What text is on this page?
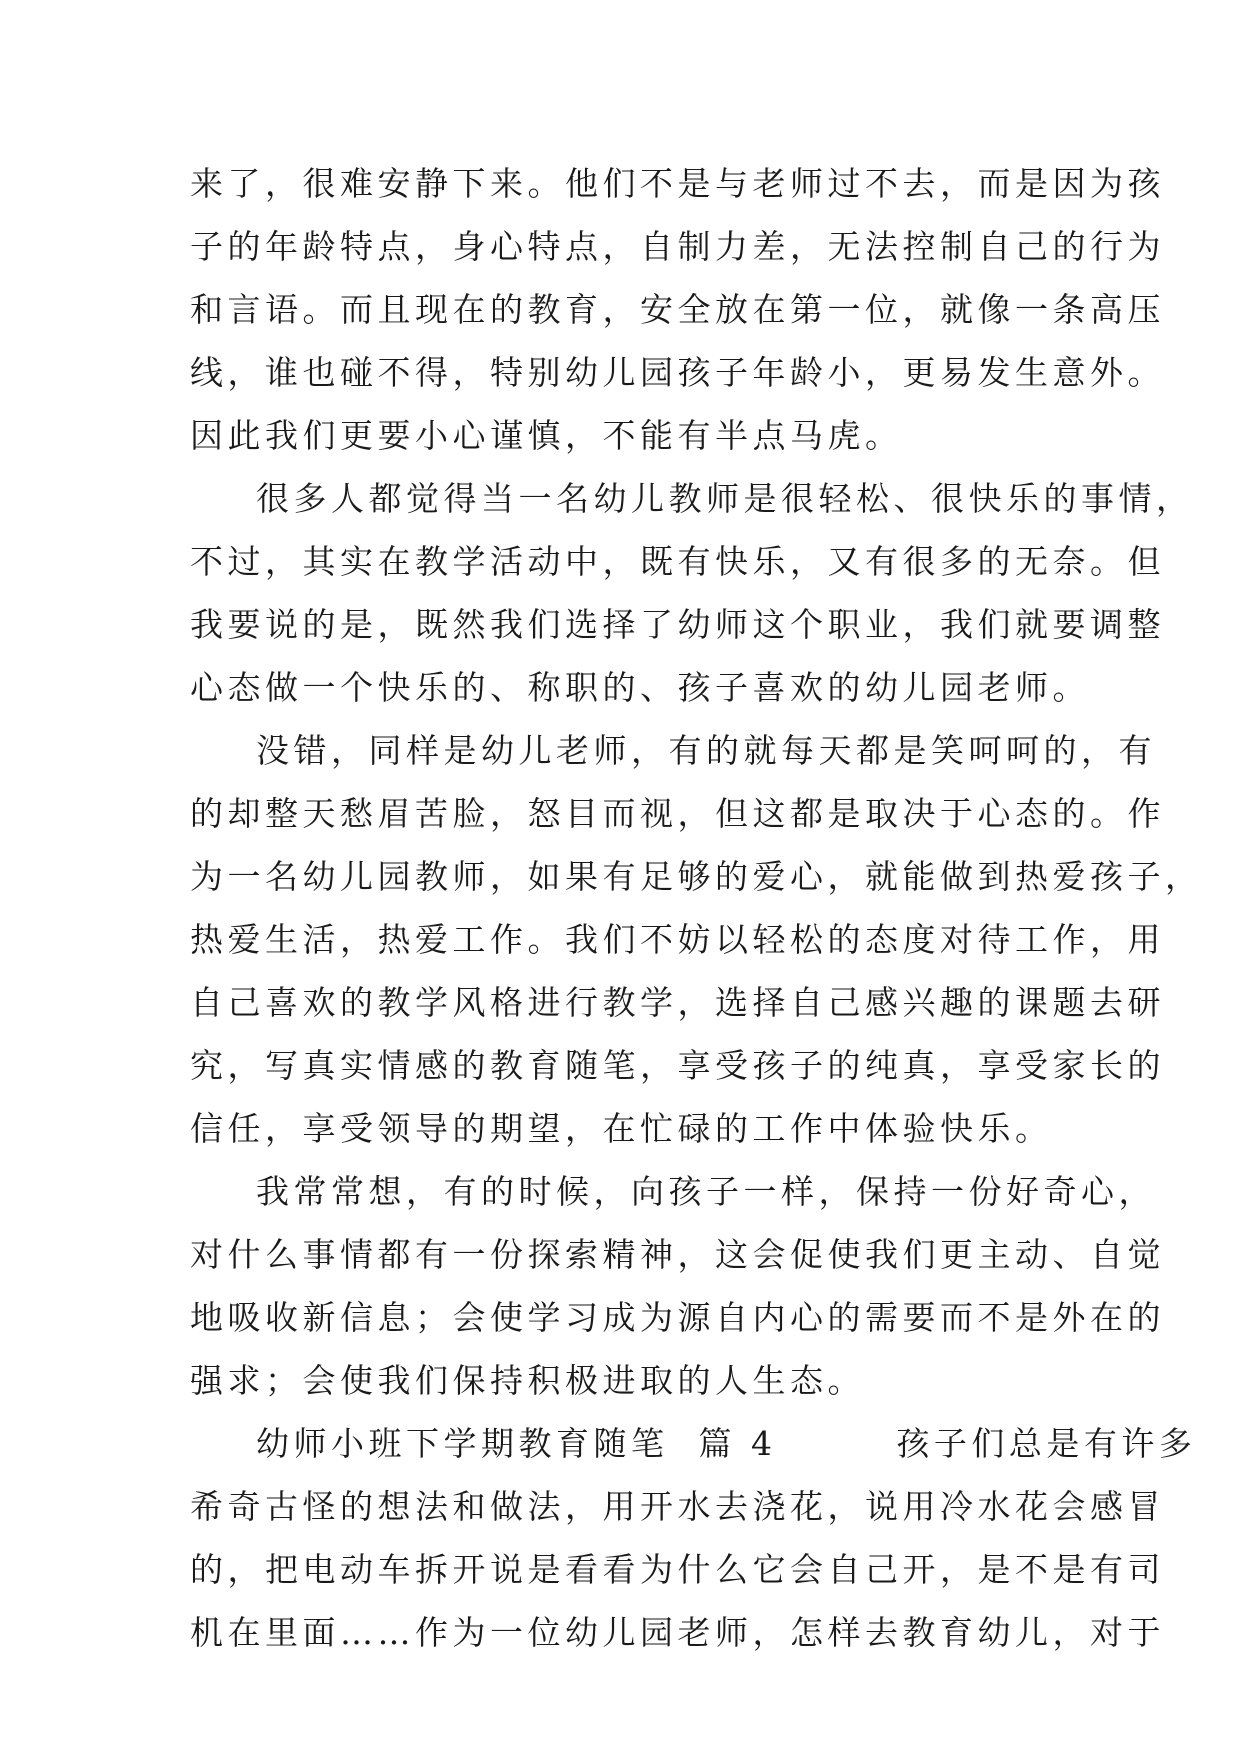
来了，很难安静下来。他们不是与老师过不去，而是因为孩
子的年龄特点，身心特点，自制力差，无法控制自己的行为
和言语。而且现在的教育，安全放在第一位，就像一条高压
线，谁也碰不得，特别幼儿园孩子年龄小，更易发生意外。
因此我们更要小心谨慎，不能有半点马虎。
很多人都觉得当一名幼儿教师是很轻松、很快乐的事情，
不过，其实在教学活动中，既有快乐，又有很多的无奈。但
我要说的是，既然我们选择了幼师这个职业，我们就要调整
心态做一个快乐的、称职的、孩子喜欢的幼儿园老师。
没错，同样是幼儿老师，有的就每天都是笑呵呵的，有
的却整天愁眉苦脸，怒目而视，但这都是取决于心态的。作
为一名幼儿园教师，如果有足够的爱心，就能做到热爱孩子，
热爱生活，热爱工作。我们不妨以轻松的态度对待工作，用
自己喜欢的教学风格进行教学，选择自己感兴趣的课题去研
究，写真实情感的教育随笔，享受孩子的纯真，享受家长的
信任，享受领导的期望，在忙碌的工作中体验快乐。
我常常想，有的时候，向孩子一样，保持一份好奇心，
对什么事情都有一份探索精神，这会促使我们更主动、自觉
地吸收新信息；会使学习成为源自内心的需要而不是外在的
强求；会使我们保持积极进取的人生态。
幼师小班下学期教育随笔  篇 4        孩子们总是有许多
希奇古怪的想法和做法，用开水去浇花，说用冷水花会感冒
的，把电动车拆开说是看看为什么它会自己开，是不是有司
机在里面……作为一位幼儿园老师，怎样去教育幼儿，对于
